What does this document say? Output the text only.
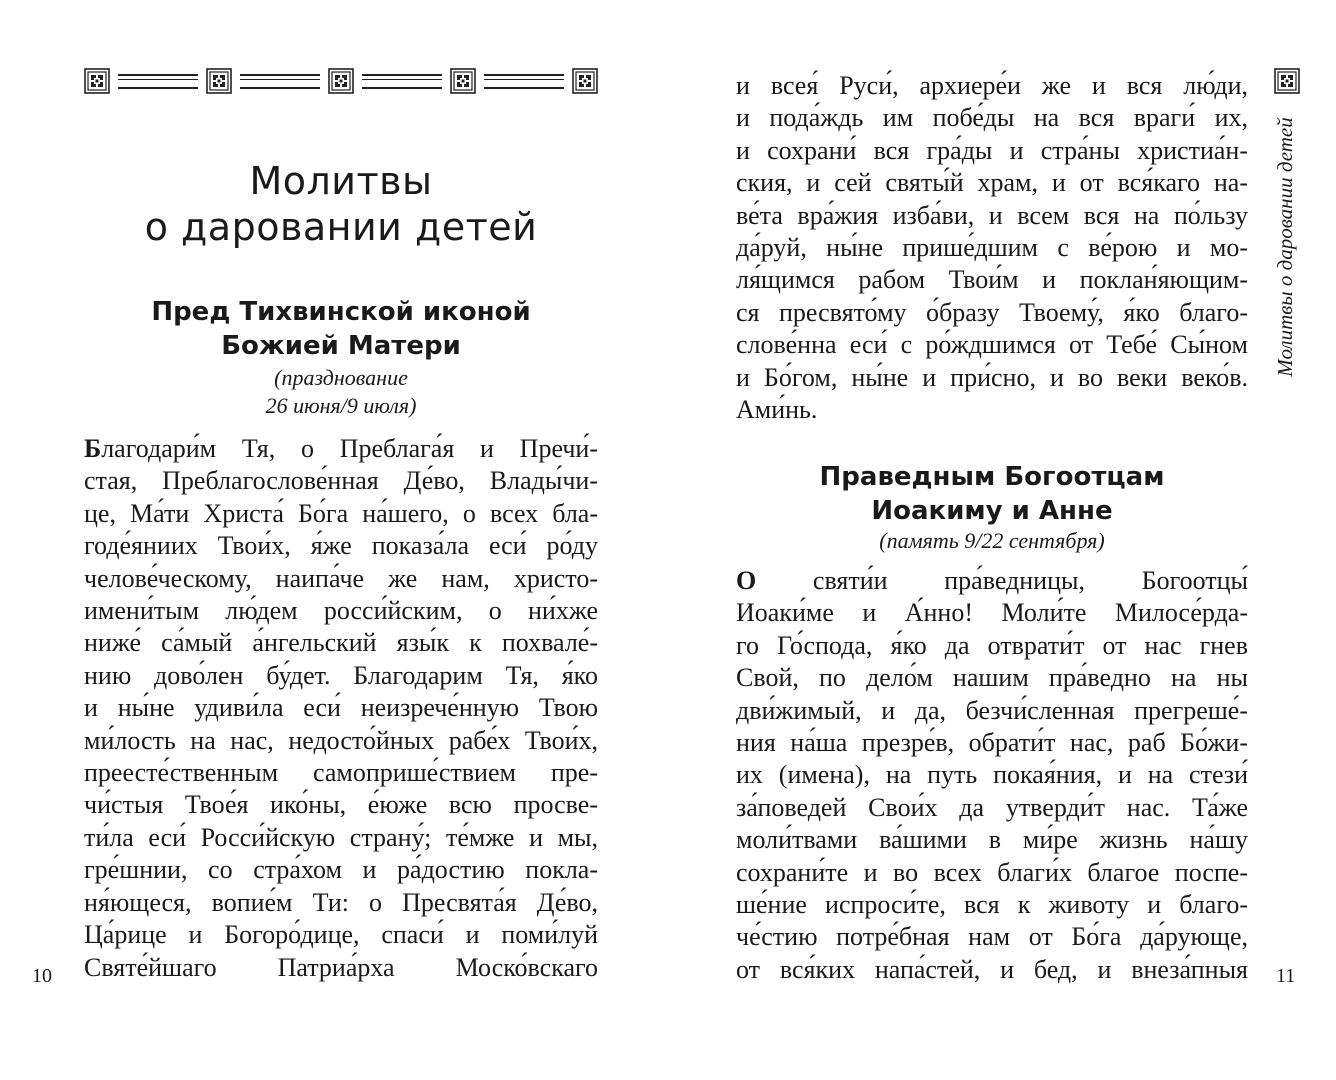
Молитвы
о даровании детей
Пред Тихвинской иконой
Божией Матери
(празднование
26 июня/9 июля)
Благодари́м Тя, о Преблага́я и Пречи́-
стая, Преблагослове́нная Де́во, Влады́чи-
це, Ма́ти Христа́ Бо́га на́шего, о всех бла-
годе́яниих Твои́х, я́же показа́ла еси́ ро́ду
челове́ческому, наипа́че же нам, христо-
имени́тым лю́дем росси́йским, о ни́хже
ниже́ са́мый а́нгельский язы́к к похвале́-
нию дово́лен бу́дет. Благодарим Тя, я́ко
и ны́не удиви́ла еси́ неизрече́нную Твою
ми́лость на нас, недосто́йных рабе́х Твои́х,
преесте́ственным самоприше́ствием пре-
чи́стыя Твое́я ико́ны, е́юже всю просве-
ти́ла еси́ Росси́йскую страну́; те́мже и мы,
гре́шнии, со стра́хом и ра́достию покла-
ня́ющеся, вопие́м Ти: о Пресвята́я Де́во,
Ца́рице и Богоро́дице, спаси́ и поми́луй
Святе́йшаго Патриа́рха Моско́вскаго
10
и всея́ Руси́, архиере́и же и вся лю́ди,
и пода́ждь им побе́ды на вся враги́ их,
и сохрани́ вся гра́ды и стра́ны христиа́н-
ския, и сей святы́й храм, и от вся́каго на-
ве́та вра́жия изба́ви, и всем вся на по́льзу
да́руй, ны́не прише́дшим с ве́рою и мо-
ля́щимся рабом Твои́м и поклан́яющим-
ся пресвято́му о́бразу Твоему́, я́ко благо-
слове́нна еси́ с ро́ждшимся от Тебе́ Сы́ном
и Бо́гом, ны́не и при́сно, и во веки веко́в.
Ами́нь.
Праведным Богоотцам
Иоакиму и Анне
(память 9/22 сентября)
О святи́и пра́ведницы, Богоотцы́
Иоаки́ме и А́нно! Моли́те Милосе́рда-
го Го́спода, я́ко да отврати́т от нас гнев
Свой, по дело́м нашим пра́ведно на ны
дви́жимый, и да, безчи́сленная прегреше́-
ния на́ша презре́в, обрати́т нас, раб Бо́жи-
их (имена), на путь покая́ния, и на стези́
за́поведей Свои́х да утверди́т нас. Та́же
моли́твами ва́шими в ми́ре жизнь на́шу
сохрани́те и во всех благи́х благое поспе-
ше́ние испроси́те, вся к животу и благо-
че́стию потре́бная нам от Бо́га да́рующе,
от вся́ких напа́стей, и бед, и внеза́пныя
Молитвы о даровании детей
11
